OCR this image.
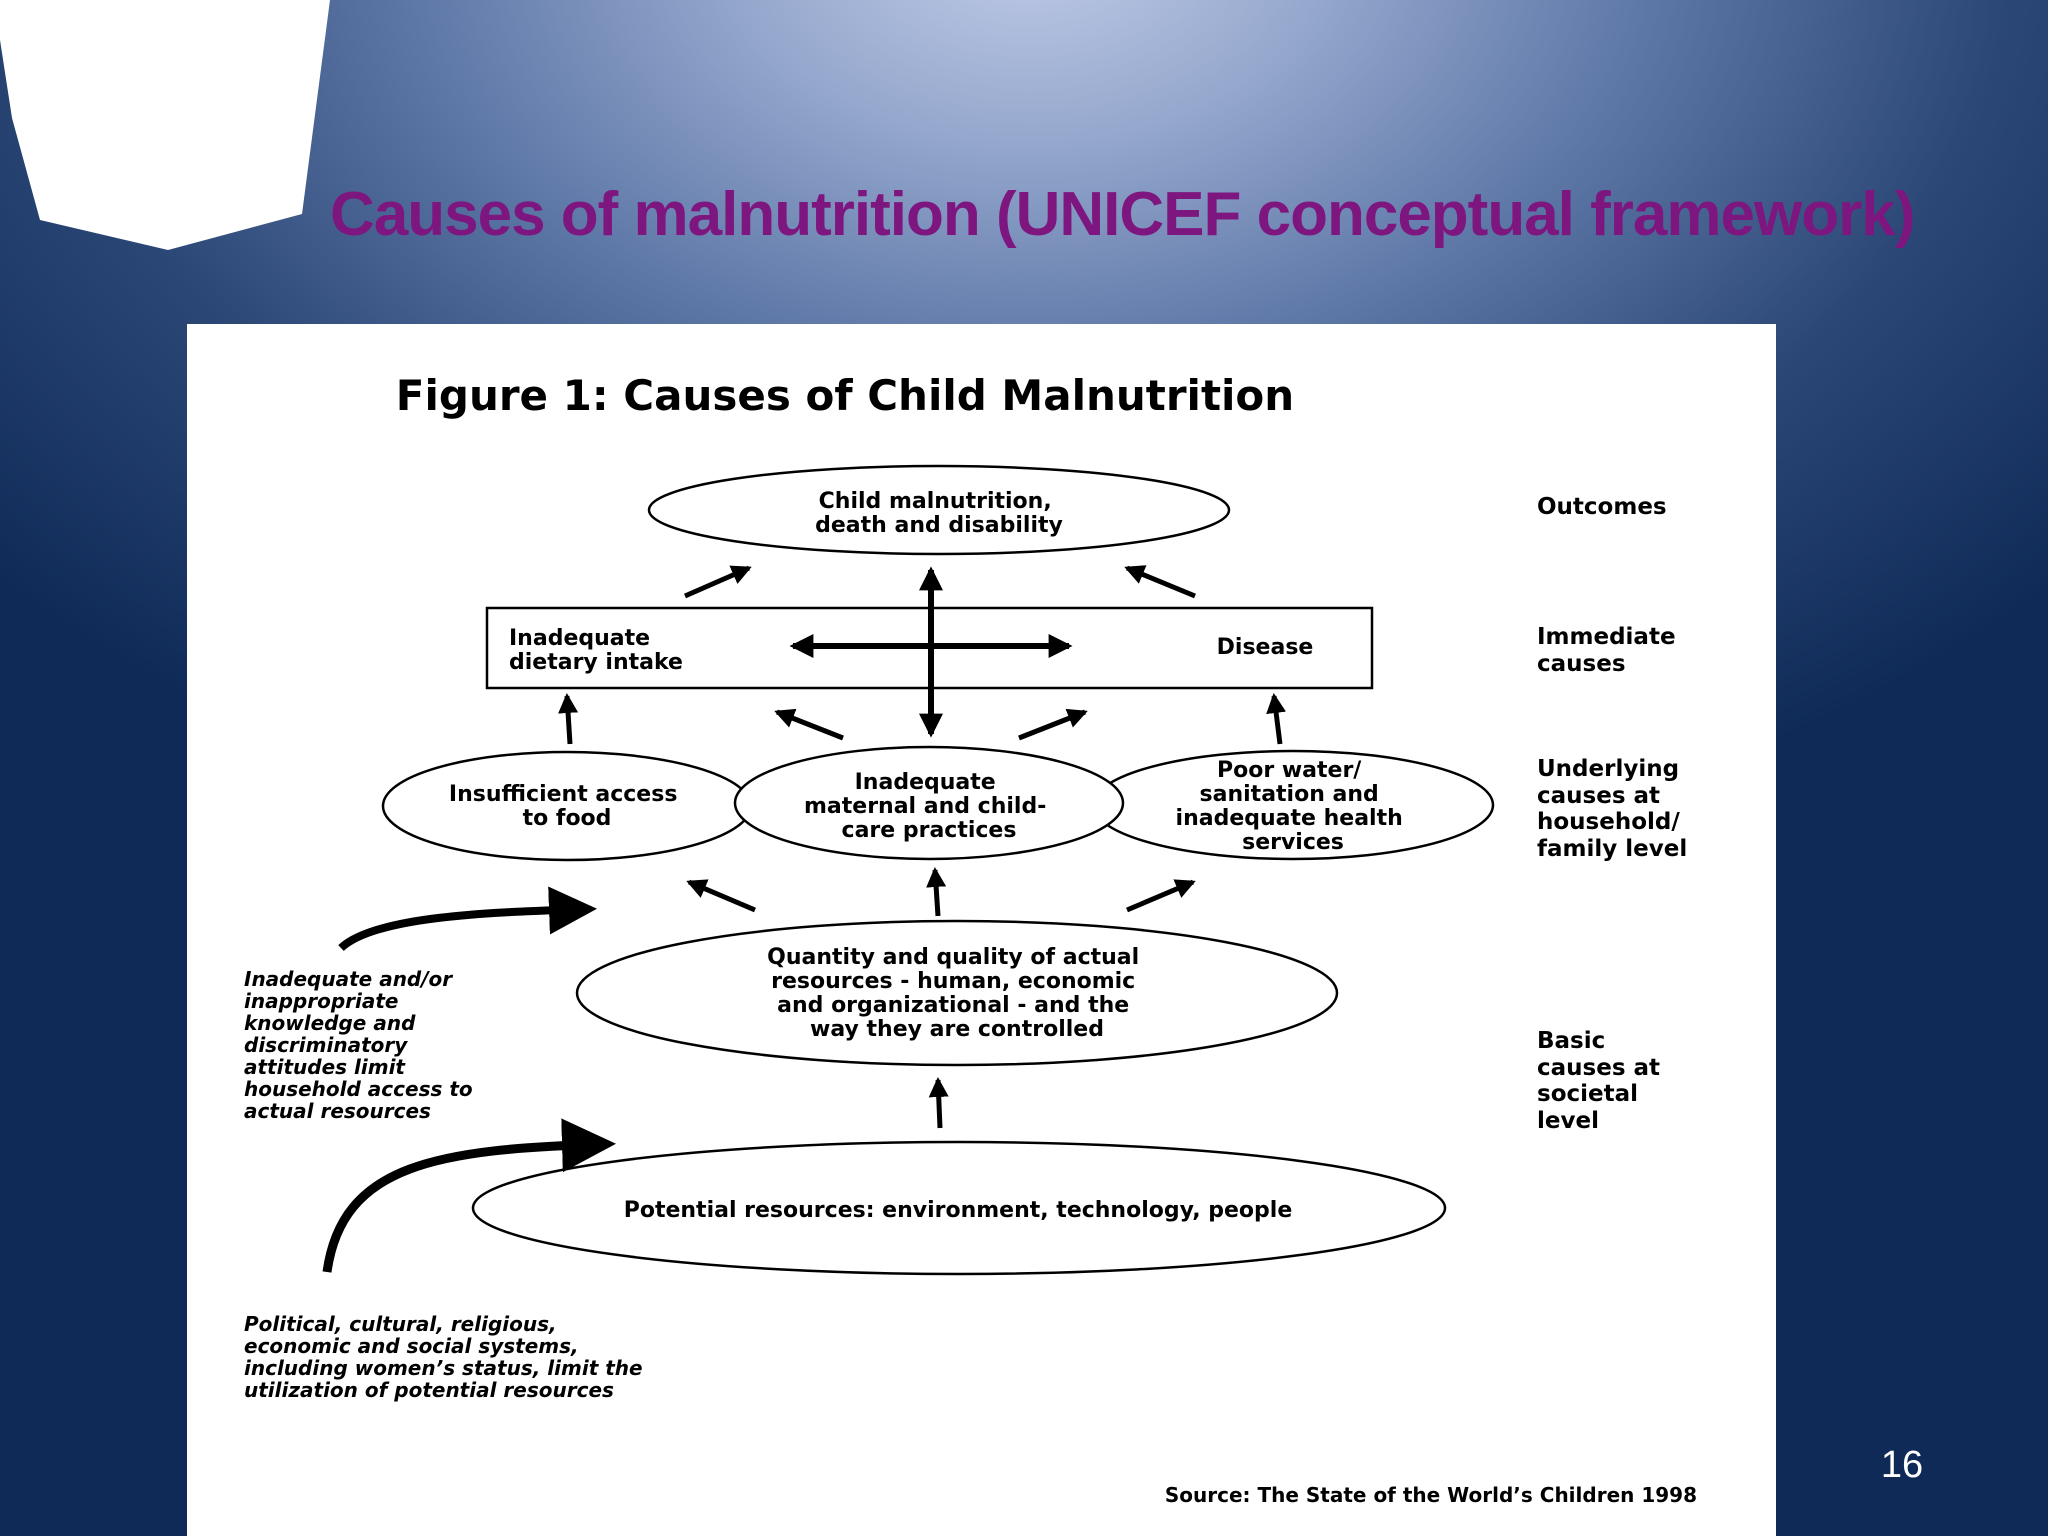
Causes of malnutrition (UNICEF conceptual framework)
Figure 1: Causes of Child Malnutrition
Child malnutrition, death and disability
Inadequate dietary intake
Disease
Insufficient access to food
Poor water/ sanitation and inadequate health services
Inadequate maternal and child- care practices
Quantity and quality of actual resources - human, economic and organizational - and the way they are controlled
Potential resources: environment, technology, people
Outcomes
Immediate causes
Underlying causes at household/ family level
Basic causes at societal level
Inadequate and/or inappropriate knowledge and discriminatory attitudes limit household access to actual resources
Political, cultural, religious, economic and social systems, including women’s status, limit the utilization of potential resources
Source: The State of the World’s Children 1998
16
